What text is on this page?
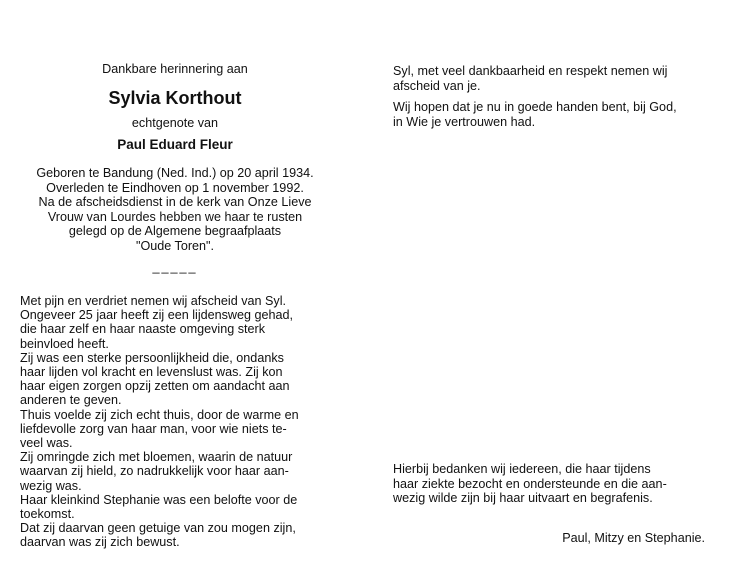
Dankbare herinnering aan

Sylvia Korthout

echtgenote van

Paul Eduard Fleur

Geboren te Bandung (Ned. Ind.) op 20 april 1934.
Overleden te Eindhoven op 1 november 1992.
Na de afscheidsdienst in de kerk van Onze Lieve
Vrouw van Lourdes hebben we haar te rusten
gelegd op de Algemene begraafplaats
"Oude Toren".

_____

Met pijn en verdriet nemen wij afscheid van Syl.
Ongeveer 25 jaar heeft zij een lijdensweg gehad,
die haar zelf en haar naaste omgeving sterk
beinvloed heeft.
Zij was een sterke persoonlijkheid die, ondanks
haar lijden vol kracht en levenslust was. Zij kon
haar eigen zorgen opzij zetten om aandacht aan
anderen te geven.
Thuis voelde zij zich echt thuis, door de warme en
liefdevolle zorg van haar man, voor wie niets te-
veel was.
Zij omringde zich met bloemen, waarin de natuur
waarvan zij hield, zo nadrukkelijk voor haar aan-
wezig was.
Haar kleinkind Stephanie was een belofte voor de
toekomst.
Dat zij daarvan geen getuige van zou mogen zijn,
daarvan was zij zich bewust.

Syl, met veel dankbaarheid en respekt nemen wij
afscheid van je.

Wij hopen dat je nu in goede handen bent, bij God,
in Wie je vertrouwen had.

Hierbij bedanken wij iedereen, die haar tijdens
haar ziekte bezocht en ondersteunde en die aan-
wezig wilde zijn bij haar uitvaart en begrafenis.

Paul, Mitzy en Stephanie.
